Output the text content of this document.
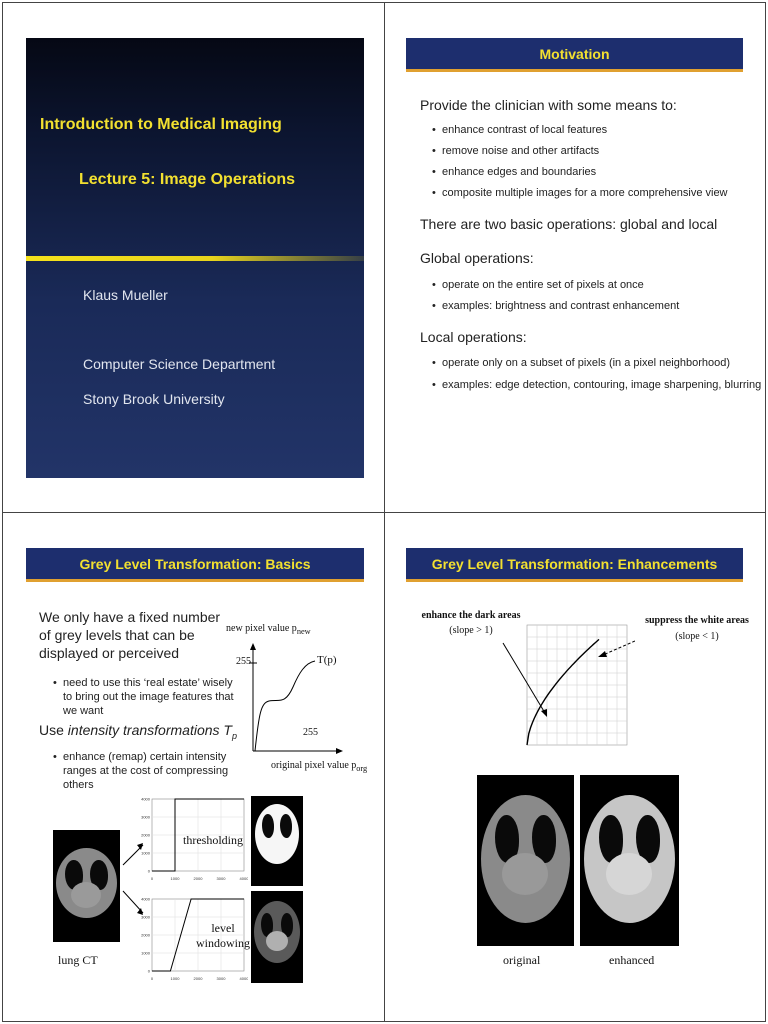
Introduction to Medical Imaging
Lecture 5: Image Operations
Klaus Mueller
Computer Science Department
Stony Brook University
Motivation
Provide the clinician with some means to:
• enhance contrast of local features
• remove noise and other artifacts
• enhance edges and boundaries
• composite multiple images for a more comprehensive view
There are two basic operations: global and local
Global operations:
• operate on the entire set of pixels at once
• examples: brightness and contrast enhancement
Local operations:
• operate only on a subset of pixels (in a pixel neighborhood)
• examples: edge detection, contouring, image sharpening, blurring
Grey Level Transformation: Basics
We only have a fixed number of grey levels that can be displayed or perceived
• need to use this ‘real estate’ wisely to bring out the image features that we want
Use intensity transformations $T_p$
• enhance (remap) certain intensity ranges at the cost of compressing others
new pixel value $p_{new}$
255	T(p)
255
original pixel value $p_{org}$
0	1000	2000	3000	4000
0
1000
2000
3000
4000
thresholding
0	1000	2000	3000	4000
0
1000
2000
3000
4000
level
windowing
lung CT
Grey Level Transformation: Enhancements
enhance the dark areas
(slope > 1)
suppress the white areas
(slope < 1)
original	enhanced
